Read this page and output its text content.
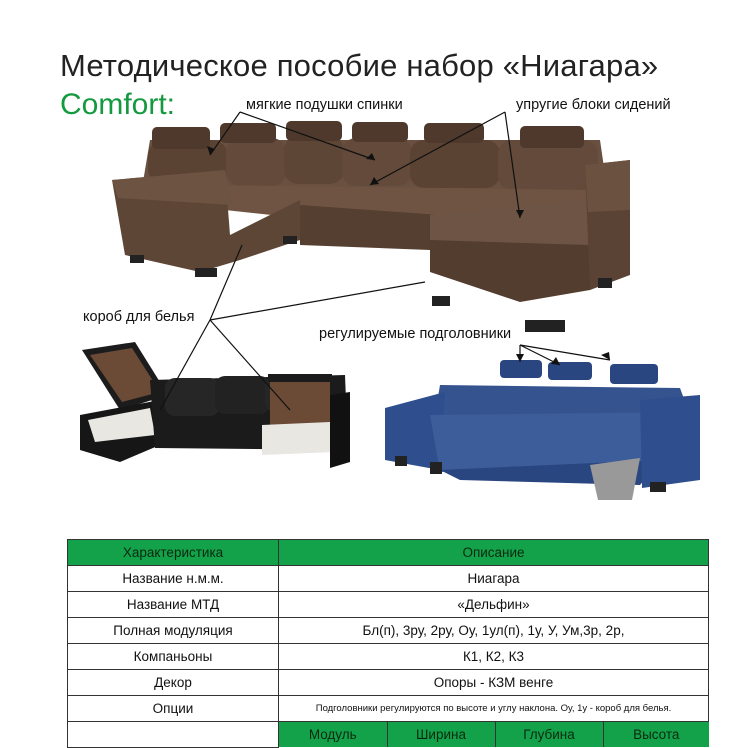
Методическое пособие набор «Ниагара»
Comfort:	мягкие подушки спинки	упругие блоки сидений
короб для белья
регулируемые подголовники
Характеристика	Описание
Название н.м.м.	Ниагара
Название МТД	«Дельфин»
Полная модуляция	Бл(п), 3ру, 2ру, Оу, 1ул(п), 1у, У, Ум,3р, 2р,
Компаньоны	К1, К2, К3
Декор	Опоры - КЗМ венге
Опции	Подголовники регулируются по высоте и углу наклона. Оу, 1у - короб для белья.

Модуль	Ширина	Глубина	Высота
